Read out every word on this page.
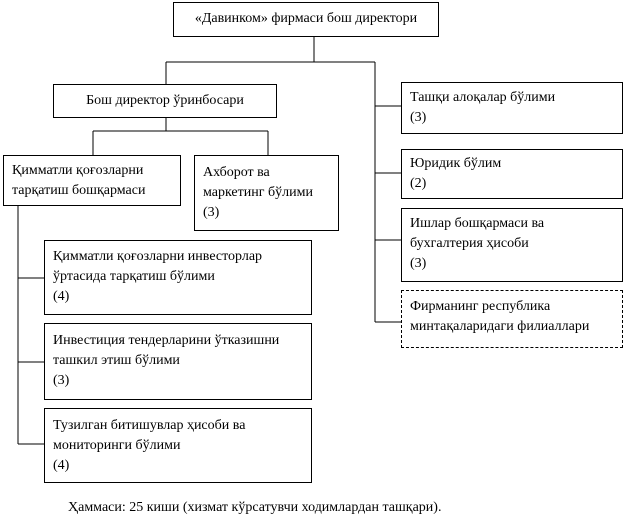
«Давинком» фирмаси бош директори
Бош директор ўринбосари
Қимматли қоғозларни
тарқатиш бошқармаси
Ахборот ва
маркетинг бўлими
(3)
Ташқи алоқалар бўлими
(3)
Юридик бўлим
(2)
Ишлар бошқармаси ва
бухгалтерия ҳисоби
(3)
Фирманинг республика
минтақаларидаги филиаллари
Қимматли қоғозларни инвесторлар
ўртасида тарқатиш бўлими
(4)
Инвестиция тендерларини ўтказишни
ташкил этиш бўлими
(3)
Тузилган битишувлар ҳисоби ва
мониторинги бўлими
(4)
Ҳаммаси: 25 киши (хизмат кўрсатувчи ходимлардан ташқари).
